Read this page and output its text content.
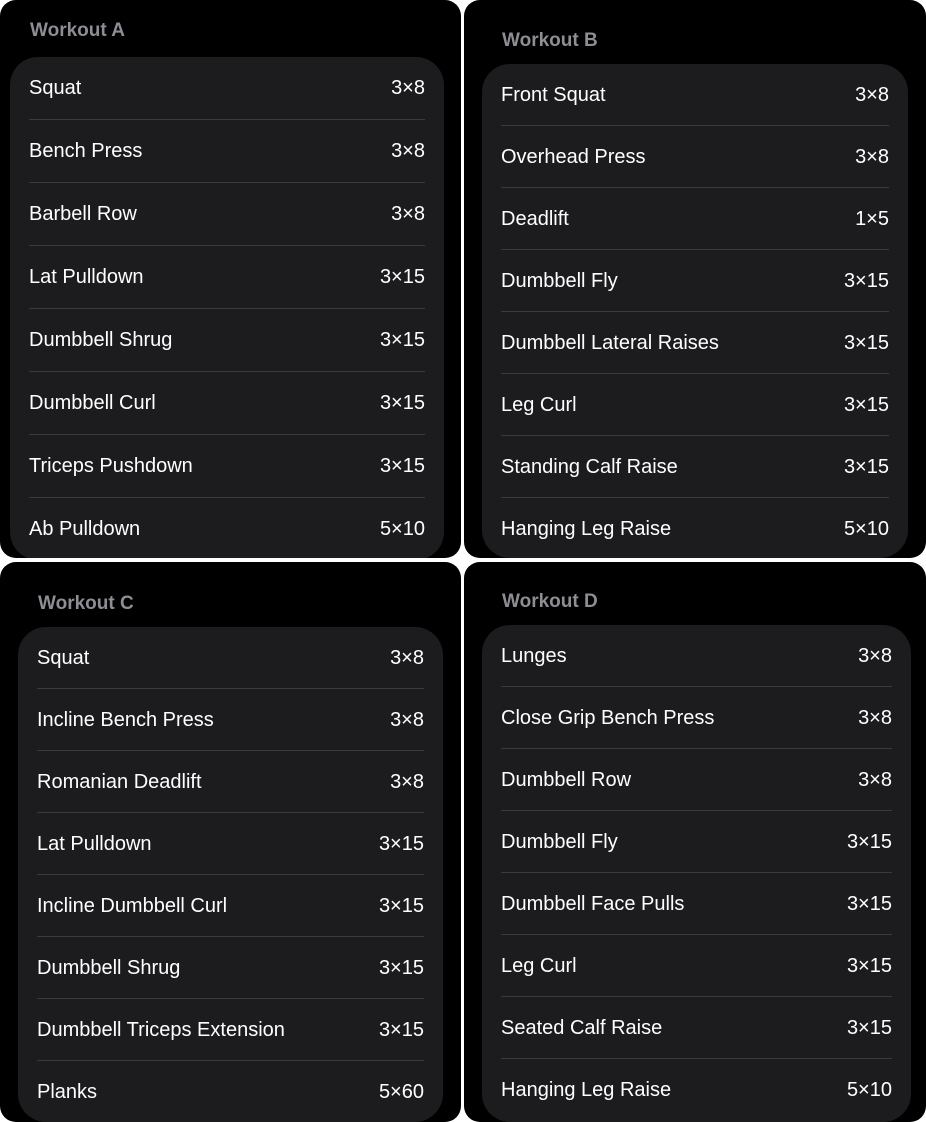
Workout A
Squat	3×8
Bench Press	3×8
Barbell Row	3×8
Lat Pulldown	3×15
Dumbbell Shrug	3×15
Dumbbell Curl	3×15
Triceps Pushdown	3×15
Ab Pulldown	5×10
Workout B
Front Squat	3×8
Overhead Press	3×8
Deadlift	1×5
Dumbbell Fly	3×15
Dumbbell Lateral Raises	3×15
Leg Curl	3×15
Standing Calf Raise	3×15
Hanging Leg Raise	5×10
Workout C
Squat	3×8
Incline Bench Press	3×8
Romanian Deadlift	3×8
Lat Pulldown	3×15
Incline Dumbbell Curl	3×15
Dumbbell Shrug	3×15
Dumbbell Triceps Extension	3×15
Planks	5×60
Workout D
Lunges	3×8
Close Grip Bench Press	3×8
Dumbbell Row	3×8
Dumbbell Fly	3×15
Dumbbell Face Pulls	3×15
Leg Curl	3×15
Seated Calf Raise	3×15
Hanging Leg Raise	5×10
